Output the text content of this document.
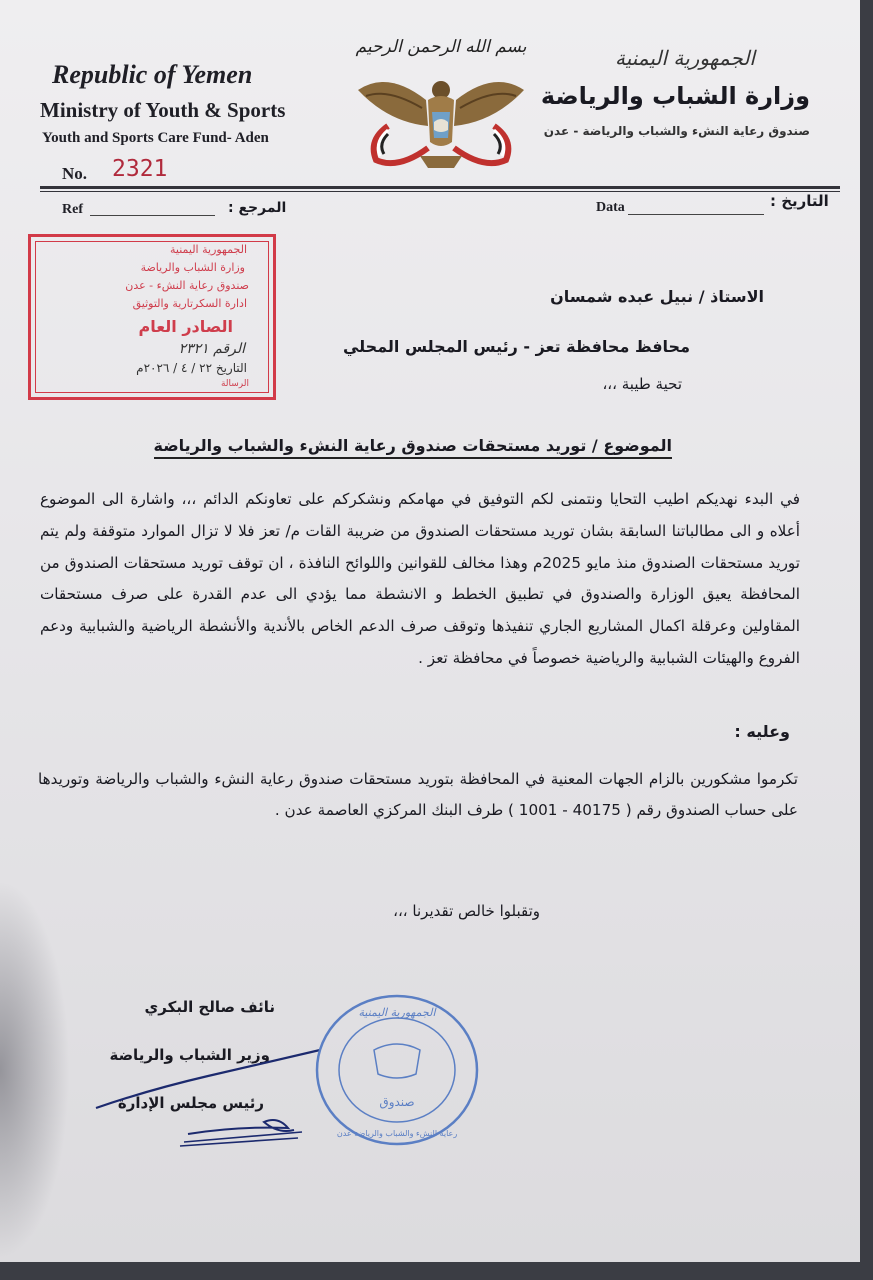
Republic of Yemen
Ministry of Youth & Sports
Youth and Sports Care Fund- Aden
No. 2321
الجمهورية اليمنية
وزارة الشباب والرياضة
صندوق رعاية النشء والشباب والرياضة - عدن
بسم الله الرحمن الرحيم
Ref	المرجع :	Data	التاريخ :
الجمهورية اليمنية
وزارة الشباب والرياضة
صندوق رعاية النشء - عدن
ادارة السكرتارية والتوثيق
الصادر العام
الرقم ٢٣٢١
التاريخ ٢٢ / ٤ / ٢٠٢٦م
الرسالة
الاستاذ / نبيل عبده شمسان
محافظ محافظة تعز - رئيس المجلس المحلي
تحية طيبة ،،،
الموضوع / توريد مستحقات صندوق رعاية النشء والشباب والرياضة
في البدء نهديكم اطيب التحايا ونتمنى لكم التوفيق في مهامكم ونشكركم على تعاونكم الدائم ،،، واشارة الى الموضوع أعلاه و الى مطالباتنا السابقة بشان توريد مستحقات الصندوق من ضريبة القات م/ تعز فلا لا تزال الموارد متوقفة ولم يتم توريد مستحقات الصندوق منذ مايو 2025م وهذا مخالف للقوانين واللوائح النافذة ، ان توقف توريد مستحقات الصندوق من المحافظة يعيق الوزارة والصندوق في تطبيق الخطط و الانشطة مما يؤدي الى عدم القدرة على صرف مستحقات المقاولين وعرقلة اكمال المشاريع الجاري تنفيذها وتوقف صرف الدعم الخاص بالأندية والأنشطة الرياضية والشبابية ودعم الفروع والهيئات الشبابية والرياضية خصوصاً في محافظة تعز .
وعليه :
تكرموا مشكورين بالزام الجهات المعنية في المحافظة بتوريد مستحقات صندوق رعاية النشء والشباب والرياضة وتوريدها على حساب الصندوق رقم ( 40175 - 1001 ) طرف البنك المركزي العاصمة عدن .
وتقبلوا خالص تقديرنا ،،،
نائف صالح البكري
وزير الشباب والرياضة
رئيس مجلس الإدارة
الجمهورية اليمنية
صندوق
رعاية النشء والشباب والرياضة عدن
